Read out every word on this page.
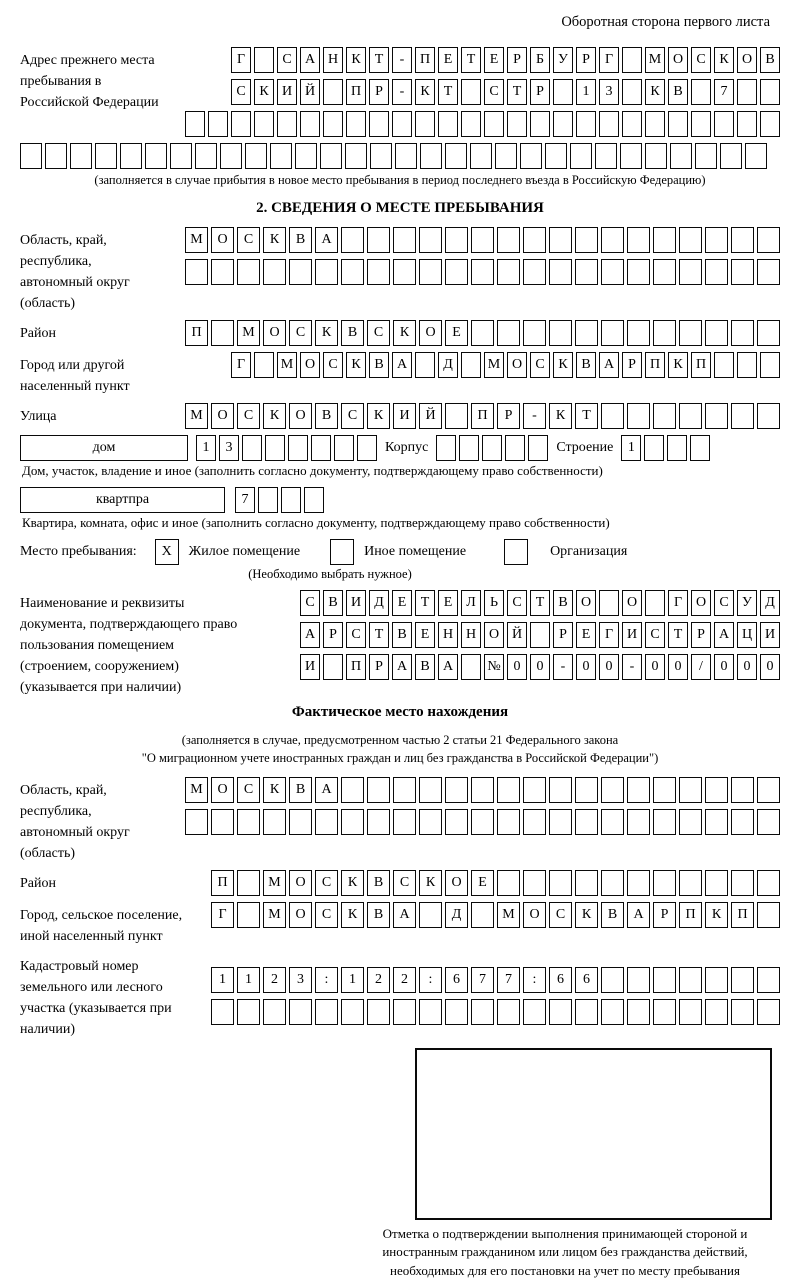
Оборотная сторона первого листа
Адрес прежнего места пребывания в Российской Федерации
Г	С А Н К	Т	-	П Е	Т	Е	Р	Б	У	Р	Г	М О С К О В
С К И Й	П	Р	-	К	Т	С	Т	Р	1	3	К В	7
(заполняется в случае прибытия в новое место пребывания в период последнего въезда в Российскую Федерацию)
2. СВЕДЕНИЯ О МЕСТЕ ПРЕБЫВАНИЯ
Область, край, республика, автономный округ (область)
М	О	С	К	В	А
Район	П	М	О	С	К	В	С	К	О	Е
Город или другой населенный пункт
Г	М О С К В А	Д	М О С К В А	Р	П К П
Улица	М	О	С	К	О	В	С	К	И	Й	П	Р	-	К	Т
дом	1	3	Корпус	Строение	1
Дом, участок, владение и иное (заполнить согласно документу, подтверждающему право собственности)
квартпра	7
Квартира, комната, офис и иное (заполнить согласно документу, подтверждающему право собственности)
Место пребывания:	X	Жилое помещение	Иное помещение	Организация
(Необходимо выбрать нужное)
Наименование и реквизиты документа, подтверждающего право пользования помещением (строением, сооружением) (указывается при наличии)
С В И Д Е	Т	Е Л	Ь	С	Т	В О	О	Г О С У Д
А	Р	С	Т	В	Е Н Н О Й	Р	Е	Г И С	Т	Р	А Ц И
И	П	Р	А В А	№ 0	0	-	0	0	-	0	0	/	0	0	0
Фактическое место нахождения
(заполняется в случае, предусмотренном частью 2 статьи 21 Федерального закона
"О миграционном учете иностранных граждан и лиц без гражданства в Российской Федерации")
Область, край, республика, автономный округ (область)
М	О	С	К	В	А
Район	П	М	О	С	К	В	С	К	О	Е
Город, сельское поселение, иной населенный пункт
Г	М	О	С	К	В	А	Д	М	О	С	К	В	А	Р	П	К	П
Кадастровый номер земельного или лесного участка (указывается при наличии)
1	1	2	3	:	1	2	2	:	6	7	7	:	6	6
Отметка о подтверждении выполнения принимающей стороной и иностранным гражданином или лицом без гражданства действий, необходимых для его постановки на учет по месту пребывания
